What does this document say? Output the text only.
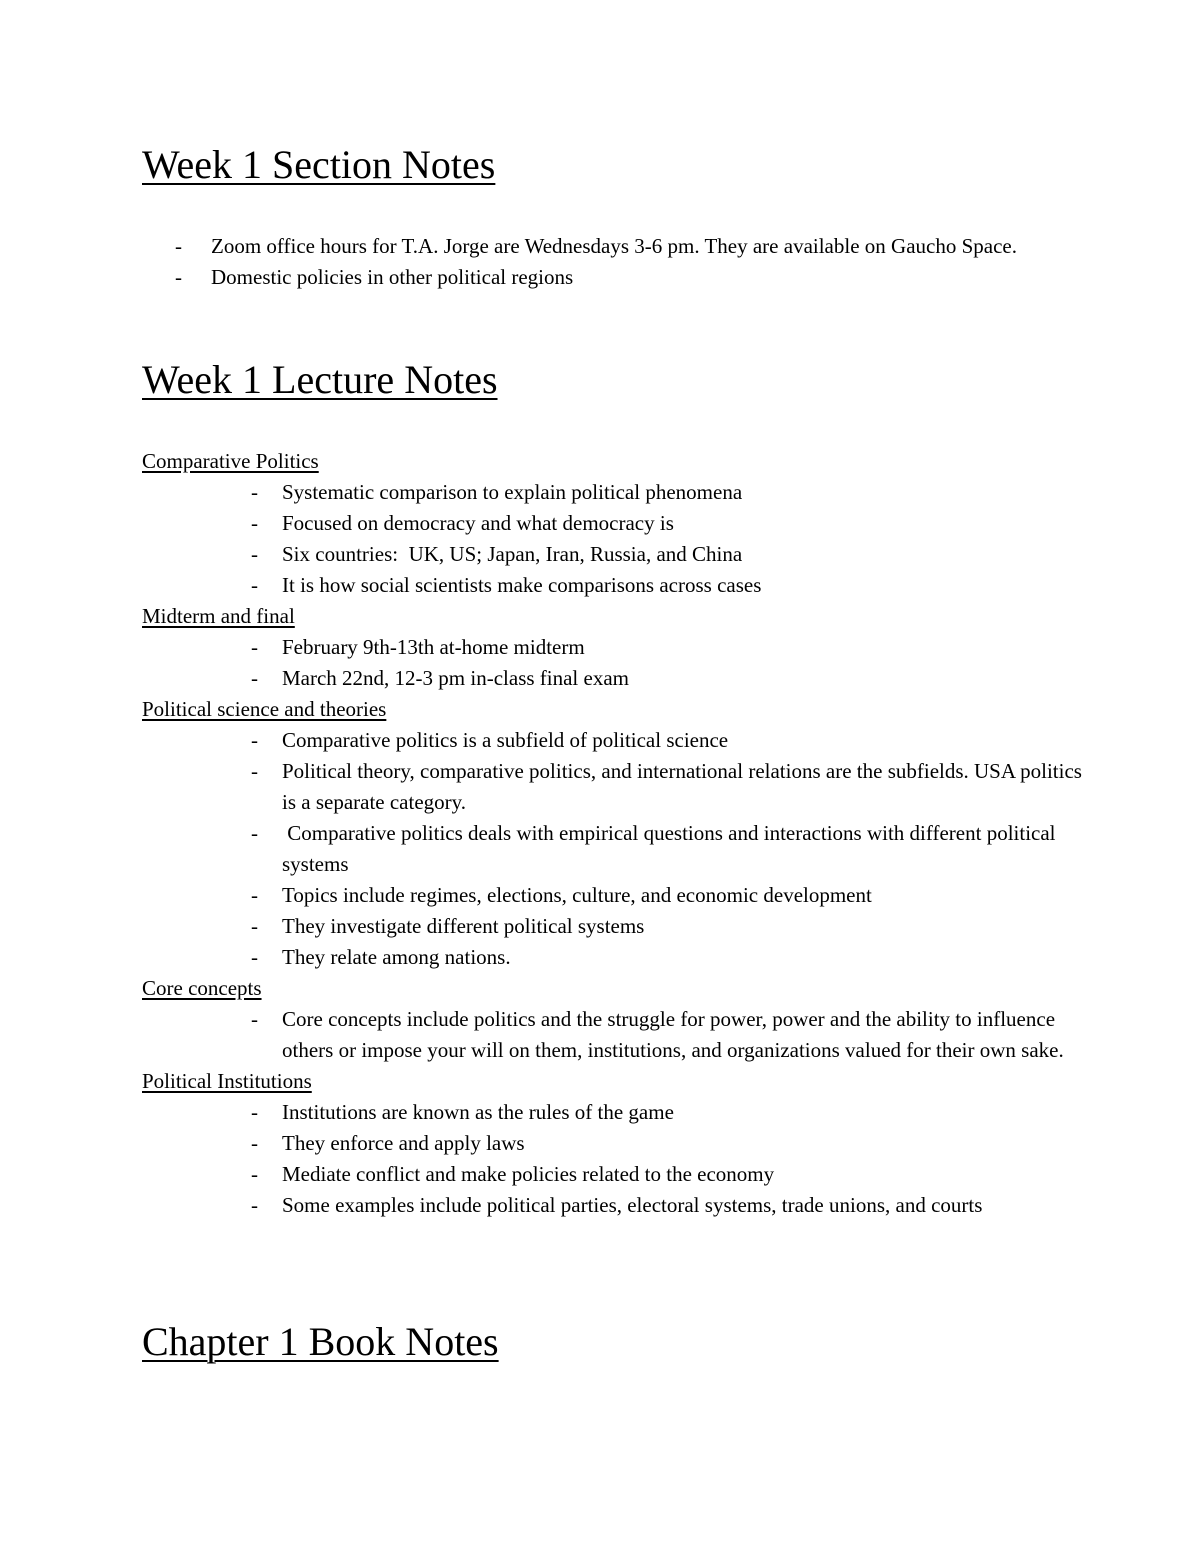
Week 1 Section Notes
- Zoom office hours for T.A. Jorge are Wednesdays 3-6 pm. They are available on Gaucho Space.
- Domestic policies in other political regions
Week 1 Lecture Notes
Comparative Politics
- Systematic comparison to explain political phenomena
- Focused on democracy and what democracy is
- Six countries:  UK, US; Japan, Iran, Russia, and China
- It is how social scientists make comparisons across cases
Midterm and final
- February 9th-13th at-home midterm
- March 22nd, 12-3 pm in-class final exam
Political science and theories
- Comparative politics is a subfield of political science
- Political theory, comparative politics, and international relations are the subfields. USA politics is a separate category.
- Comparative politics deals with empirical questions and interactions with different political systems
- Topics include regimes, elections, culture, and economic development
- They investigate different political systems
- They relate among nations.
Core concepts
- Core concepts include politics and the struggle for power, power and the ability to influence others or impose your will on them, institutions, and organizations valued for their own sake.
Political Institutions
- Institutions are known as the rules of the game
- They enforce and apply laws
- Mediate conflict and make policies related to the economy
- Some examples include political parties, electoral systems, trade unions, and courts
Chapter 1 Book Notes
